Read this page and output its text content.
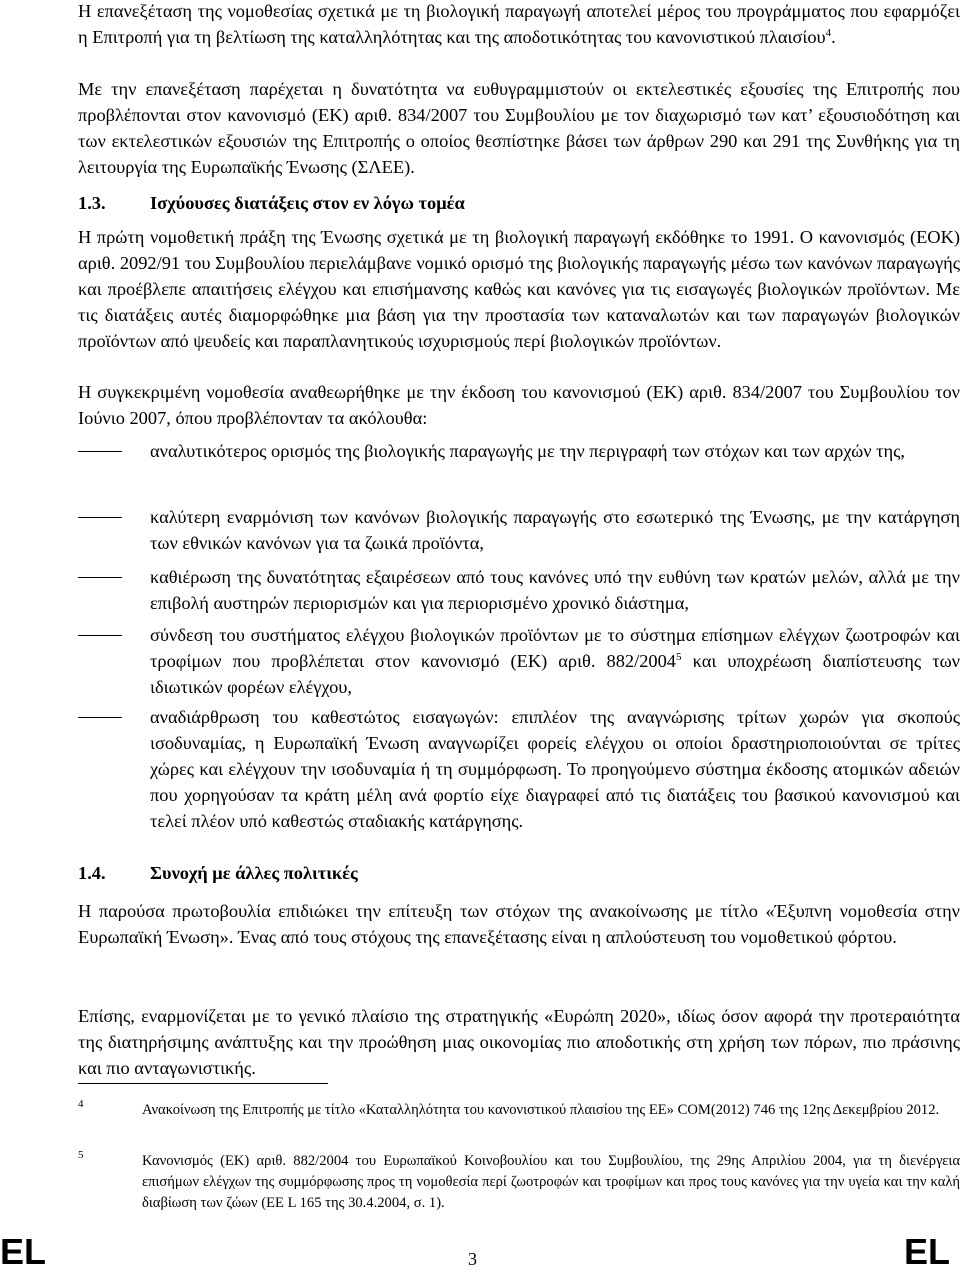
Η επανεξέταση της νομοθεσίας σχετικά με τη βιολογική παραγωγή αποτελεί μέρος του προγράμματος που εφαρμόζει η Επιτροπή για τη βελτίωση της καταλληλότητας και της αποδοτικότητας του κανονιστικού πλαισίου$^4$.

Με την επανεξέταση παρέχεται η δυνατότητα να ευθυγραμμιστούν οι εκτελεστικές εξουσίες της Επιτροπής που προβλέπονται στον κανονισμό (ΕΚ) αριθ. 834/2007 του Συμβουλίου με τον διαχωρισμό των κατ’ εξουσιοδότηση και των εκτελεστικών εξουσιών της Επιτροπής ο οποίος θεσπίστηκε βάσει των άρθρων 290 και 291 της Συνθήκης για τη λειτουργία της Ευρωπαϊκής Ένωσης (ΣΛΕΕ).

1.3. Ισχύουσες διατάξεις στον εν λόγω τομέα

Η πρώτη νομοθετική πράξη της Ένωσης σχετικά με τη βιολογική παραγωγή εκδόθηκε το 1991. Ο κανονισμός (ΕΟΚ) αριθ. 2092/91 του Συμβουλίου περιελάμβανε νομικό ορισμό της βιολογικής παραγωγής μέσω των κανόνων παραγωγής και προέβλεπε απαιτήσεις ελέγχου και επισήμανσης καθώς και κανόνες για τις εισαγωγές βιολογικών προϊόντων. Με τις διατάξεις αυτές διαμορφώθηκε μια βάση για την προστασία των καταναλωτών και των παραγωγών βιολογικών προϊόντων από ψευδείς και παραπλανητικούς ισχυρισμούς περί βιολογικών προϊόντων.

Η συγκεκριμένη νομοθεσία αναθεωρήθηκε με την έκδοση του κανονισμού (ΕΚ) αριθ. 834/2007 του Συμβουλίου τον Ιούνιο 2007, όπου προβλέπονταν τα ακόλουθα:

αναλυτικότερος ορισμός της βιολογικής παραγωγής με την περιγραφή των στόχων και των αρχών της,

καλύτερη εναρμόνιση των κανόνων βιολογικής παραγωγής στο εσωτερικό της Ένωσης, με την κατάργηση των εθνικών κανόνων για τα ζωικά προϊόντα,

καθιέρωση της δυνατότητας εξαιρέσεων από τους κανόνες υπό την ευθύνη των κρατών μελών, αλλά με την επιβολή αυστηρών περιορισμών και για περιορισμένο χρονικό διάστημα,

σύνδεση του συστήματος ελέγχου βιολογικών προϊόντων με το σύστημα επίσημων ελέγχων ζωοτροφών και τροφίμων που προβλέπεται στον κανονισμό (ΕΚ) αριθ. 882/2004$^5$ και υποχρέωση διαπίστευσης των ιδιωτικών φορέων ελέγχου,

αναδιάρθρωση του καθεστώτος εισαγωγών: επιπλέον της αναγνώρισης τρίτων χωρών για σκοπούς ισοδυναμίας, η Ευρωπαϊκή Ένωση αναγνωρίζει φορείς ελέγχου οι οποίοι δραστηριοποιούνται σε τρίτες χώρες και ελέγχουν την ισοδυναμία ή τη συμμόρφωση. Το προηγούμενο σύστημα έκδοσης ατομικών αδειών που χορηγούσαν τα κράτη μέλη ανά φορτίο είχε διαγραφεί από τις διατάξεις του βασικού κανονισμού και τελεί πλέον υπό καθεστώς σταδιακής κατάργησης.

1.4. Συνοχή με άλλες πολιτικές

Η παρούσα πρωτοβουλία επιδιώκει την επίτευξη των στόχων της ανακοίνωσης με τίτλο «Έξυπνη νομοθεσία στην Ευρωπαϊκή Ένωση». Ένας από τους στόχους της επανεξέτασης είναι η απλούστευση του νομοθετικού φόρτου.

Επίσης, εναρμονίζεται με το γενικό πλαίσιο της στρατηγικής «Ευρώπη 2020», ιδίως όσον αφορά την προτεραιότητα της διατηρήσιμης ανάπτυξης και την προώθηση μιας οικονομίας πιο αποδοτικής στη χρήση των πόρων, πιο πράσινης και πιο ανταγωνιστικής.

4	Ανακοίνωση της Επιτροπής με τίτλο «Καταλληλότητα του κανονιστικού πλαισίου της ΕΕ» COM(2012) 746 της 12ης Δεκεμβρίου 2012.

5	Κανονισμός (ΕΚ) αριθ. 882/2004 του Ευρωπαϊκού Κοινοβουλίου και του Συμβουλίου, της 29ης Απριλίου 2004, για τη διενέργεια επισήμων ελέγχων της συμμόρφωσης προς τη νομοθεσία περί ζωοτροφών και τροφίμων και προς τους κανόνες για την υγεία και την καλή διαβίωση των ζώων (ΕΕ L 165 της 30.4.2004, σ. 1).

EL	3	EL
